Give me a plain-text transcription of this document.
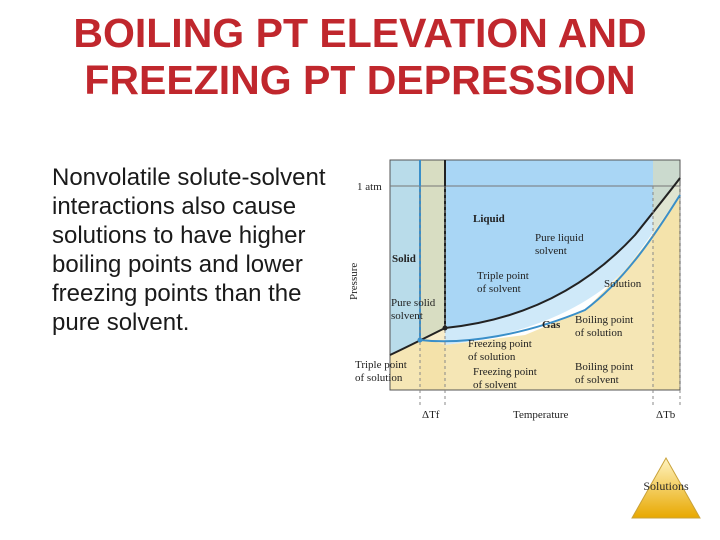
BOILING PT ELEVATION AND
FREEZING PT DEPRESSION

Nonvolatile solute-solvent interactions also cause solutions to have higher boiling points and lower freezing points than the pure solvent.

1 atm
Pressure
Temperature
Solid
Liquid
Gas
Pure liquid
solvent
Triple point
of solvent	Solution
Pure solid
solvent	Boiling point
of solution
Freezing point
of solution
Triple point
of solution	Freezing point
of solvent
Boiling point
of solvent
ΔTf	ΔTb
Solutions
